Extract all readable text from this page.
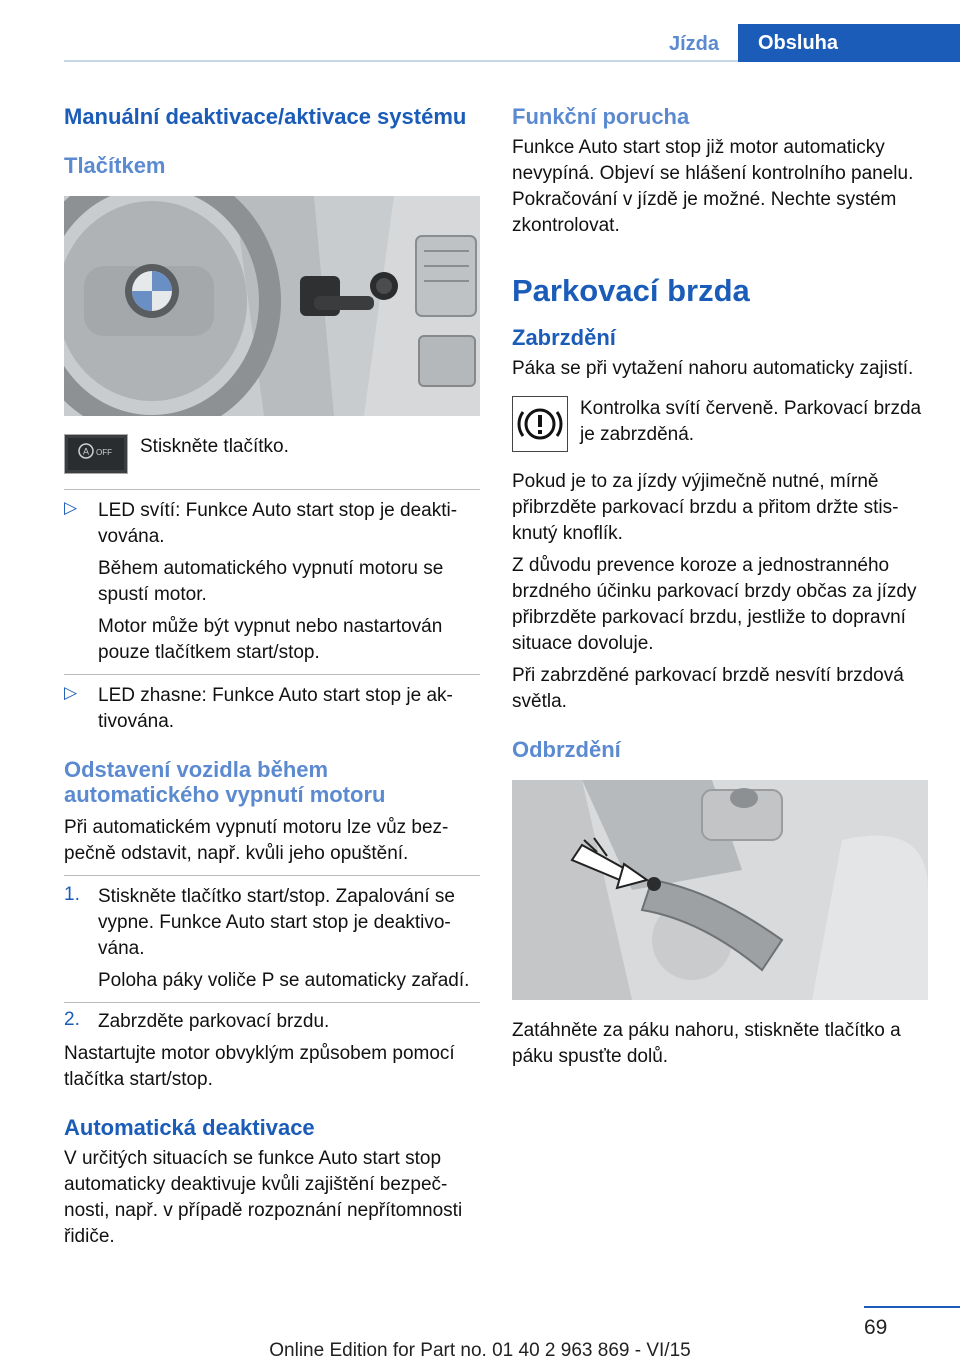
Jízda	Obsluha
Manuální deaktivace/aktivace systému
Tlačítkem
A OFF Stiskněte tlačítko.

▷	LED svítí: Funkce Auto start stop je deaktivována.

Během automatického vypnutí motoru se spustí motor.

Motor může být vypnut nebo nastartován pouze tlačítkem start/stop.

▷	LED zhasne: Funkce Auto start stop je aktivována.

Odstavení vozidla během automatického vypnutí motoru

Při automatickém vypnutí motoru lze vůz bezpečně odstavit, např. kvůli jeho opuštění.

1. Stiskněte tlačítko start/stop. Zapalování se vypne. Funkce Auto start stop je deaktivována.

Poloha páky voliče P se automaticky zařadí.

2. Zabrzděte parkovací brzdu.

Nastartujte motor obvyklým způsobem pomocí tlačítka start/stop.

Automatická deaktivace

V určitých situacích se funkce Auto start stop automaticky deaktivuje kvůli zajištění bezpečnosti, např. v případě rozpoznání nepřítomnosti řidiče.

Funkční porucha

Funkce Auto start stop již motor automaticky nevypíná. Objeví se hlášení kontrolního panelu. Pokračování v jízdě je možné. Nechte systém zkontrolovat.

Parkovací brzda
Zabrzdění

Páka se při vytažení nahoru automaticky zajistí.

Kontrolka svítí červeně. Parkovací brzda je zabrzděná.

Pokud je to za jízdy výjimečně nutné, mírně přibrzděte parkovací brzdu a přitom držte stisknutý knoflík.

Z důvodu prevence koroze a jednostranného brzdného účinku parkovací brzdy občas za jízdy přibrzděte parkovací brzdu, jestliže to dopravní situace dovoluje.

Při zabrzděné parkovací brzdě nesvítí brzdová světla.

Odbrzdění

Zatáhněte za páku nahoru, stiskněte tlačítko a páku spusťte dolů.

69
Online Edition for Part no. 01 40 2 963 869 - VI/15
